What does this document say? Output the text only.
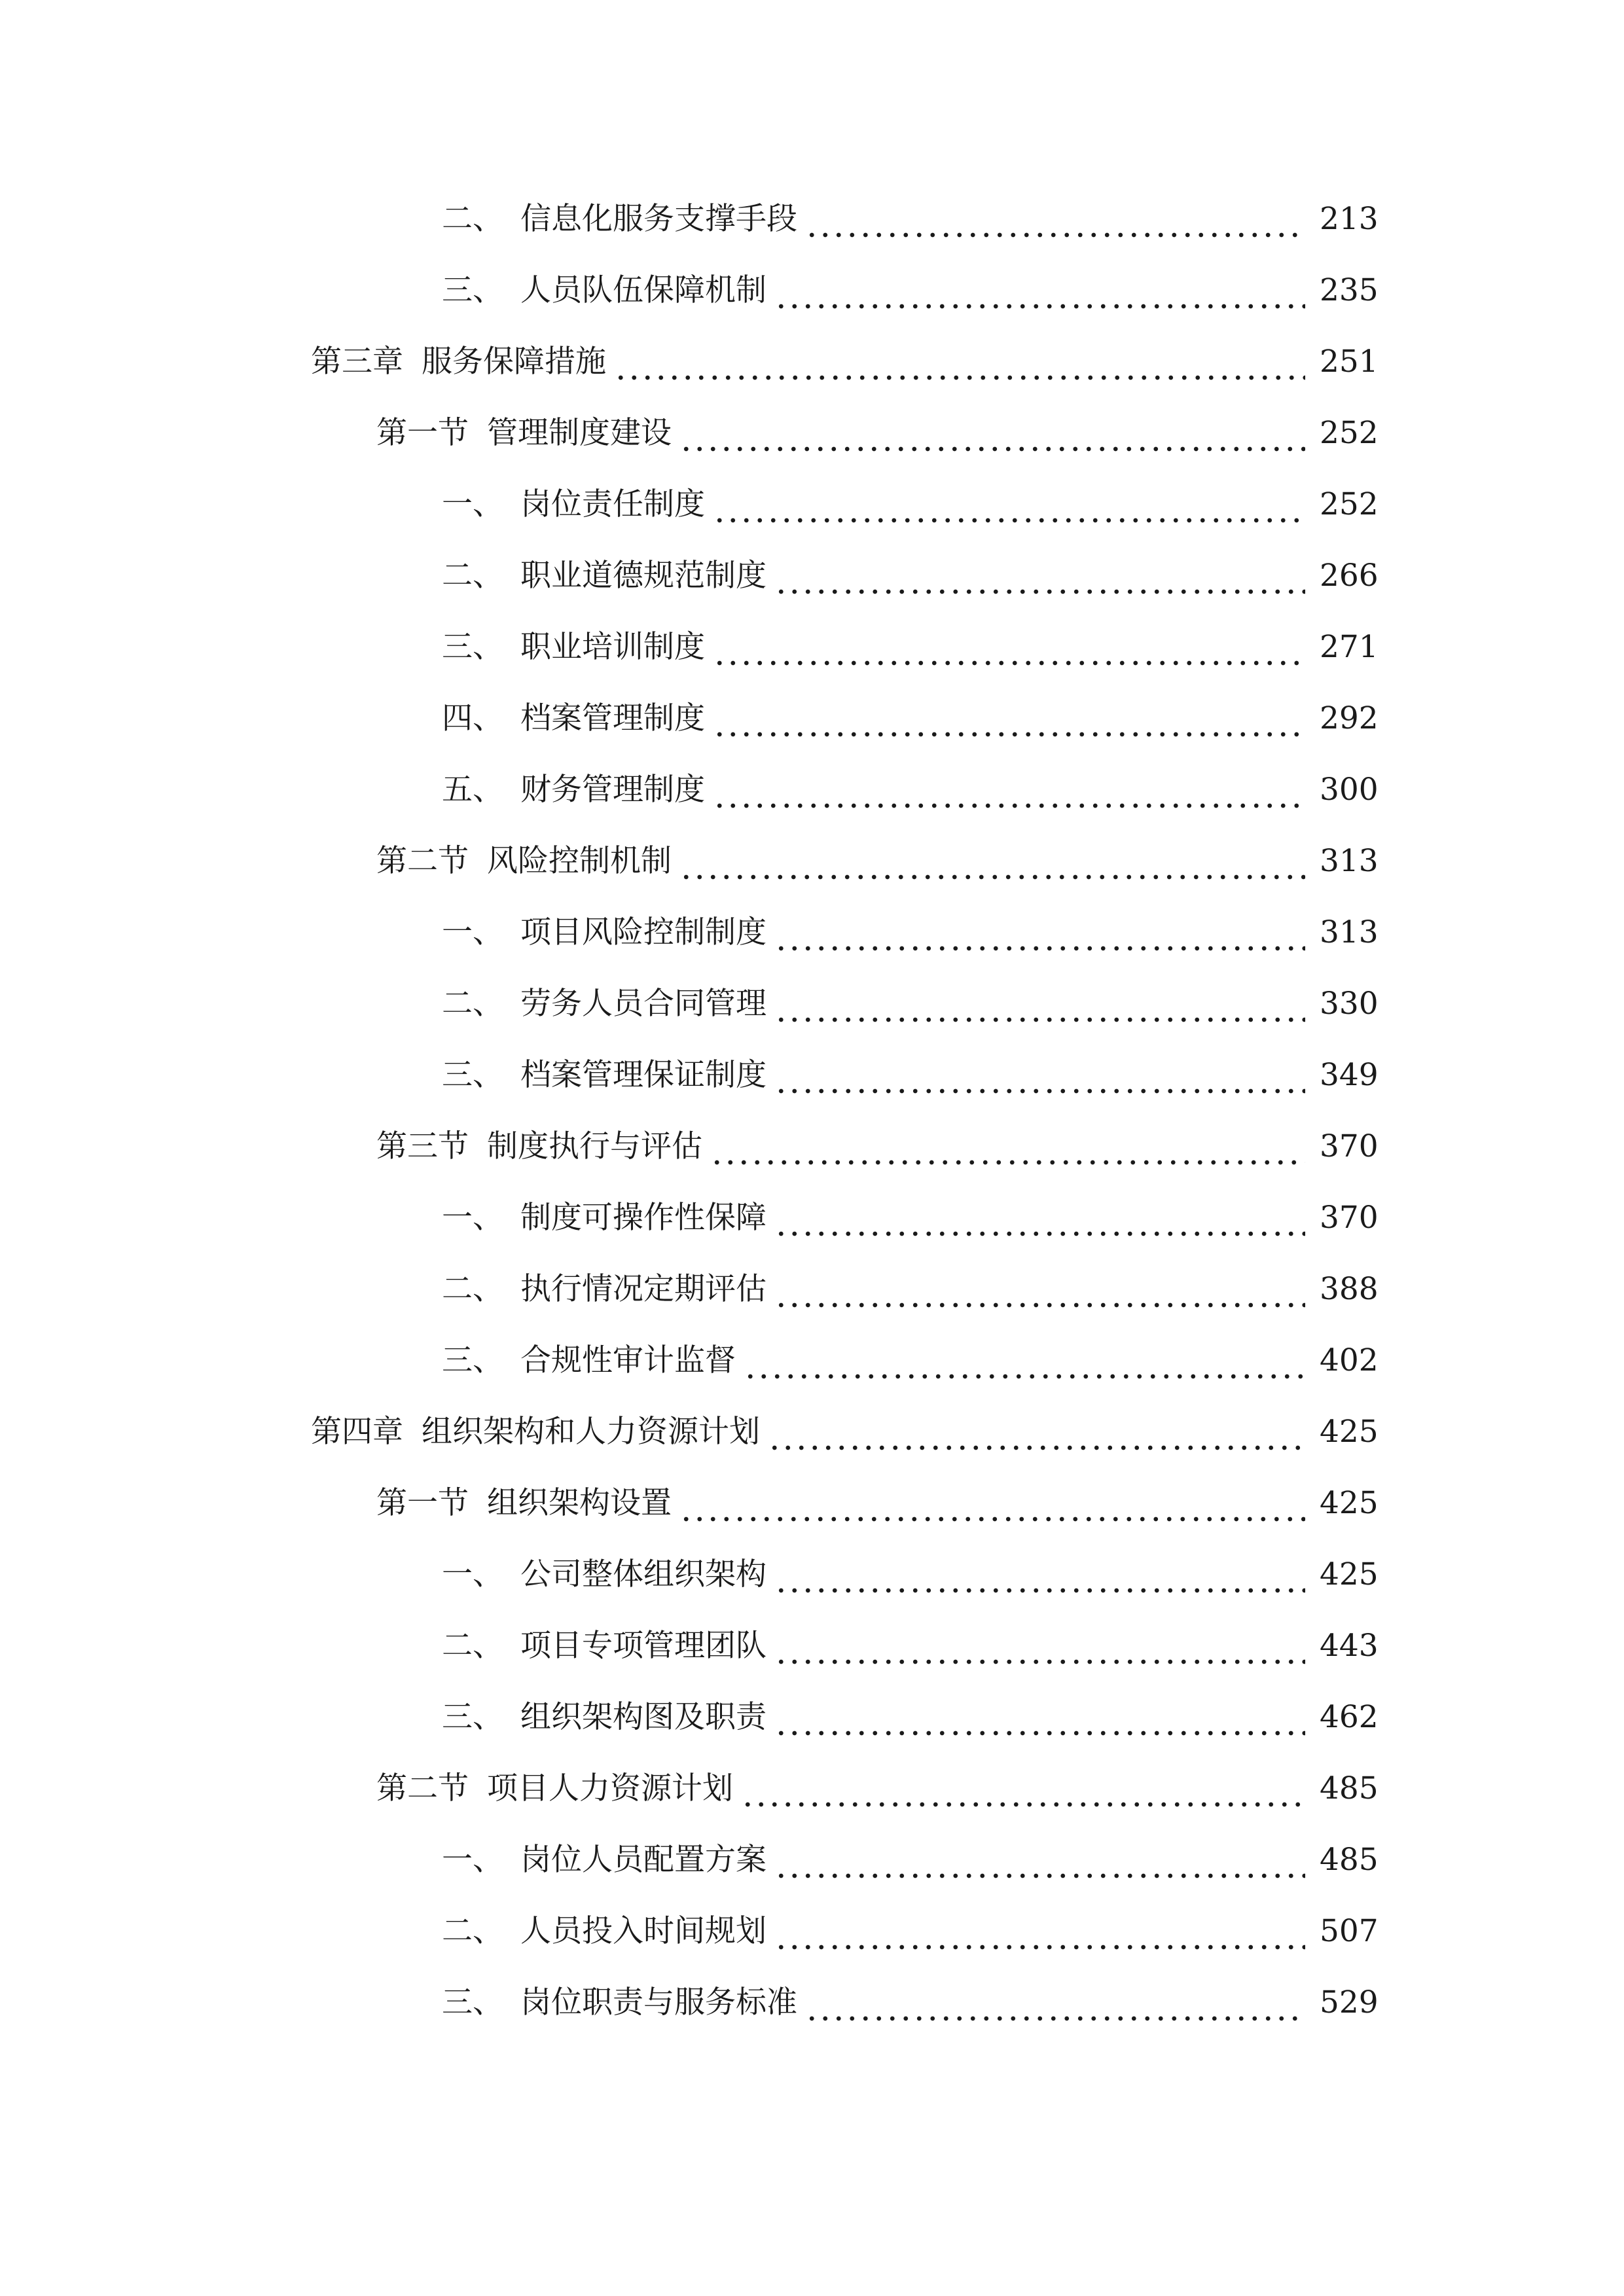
二、 信息化服务支撑手段	213
三、 人员队伍保障机制	235
第三章 服务保障措施	251
第一节 管理制度建设	252
一、 岗位责任制度	252
二、 职业道德规范制度	266
三、 职业培训制度	271
四、 档案管理制度	292
五、 财务管理制度	300
第二节 风险控制机制	313
一、 项目风险控制制度	313
二、 劳务人员合同管理	330
三、 档案管理保证制度	349
第三节 制度执行与评估	370
一、 制度可操作性保障	370
二、 执行情况定期评估	388
三、 合规性审计监督	402
第四章 组织架构和人力资源计划	425
第一节 组织架构设置	425
一、 公司整体组织架构	425
二、 项目专项管理团队	443
三、 组织架构图及职责	462
第二节 项目人力资源计划	485
一、 岗位人员配置方案	485
二、 人员投入时间规划	507
三、 岗位职责与服务标准	529
